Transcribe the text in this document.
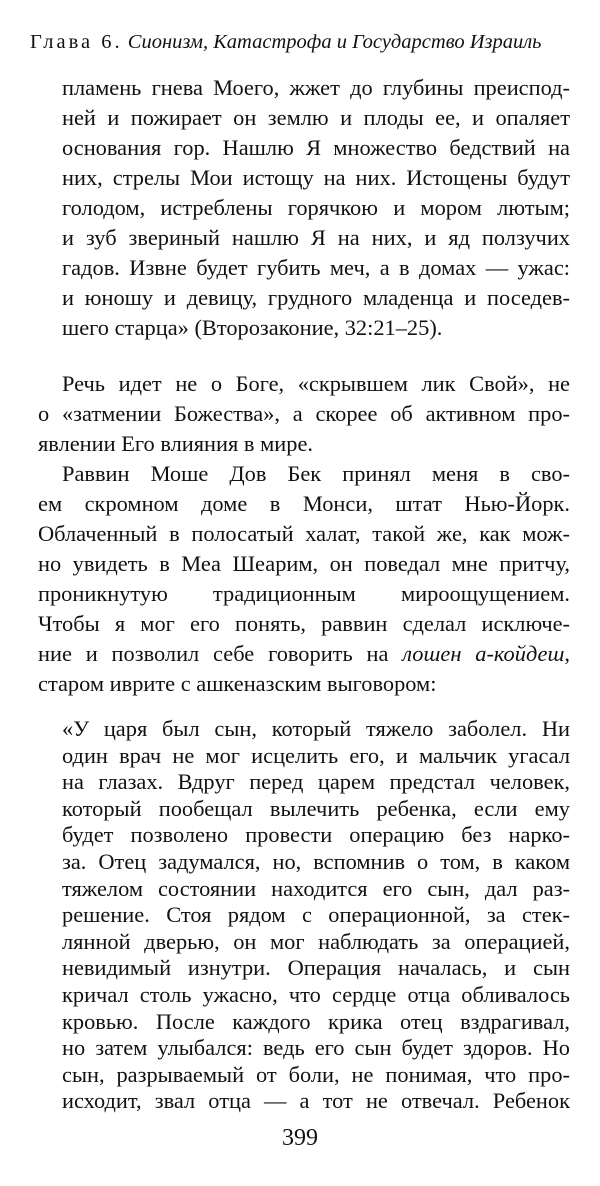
Глава 6. Сионизм, Катастрофа и Государство Израиль
пламень гнева Моего, жжет до глубины преиспод-
ней и пожирает он землю и плоды ее, и опаляет
основания гор. Нашлю Я множество бедствий на
них, стрелы Мои истощу на них. Истощены будут
голодом, истреблены горячкою и мором лютым;
и зуб звериный нашлю Я на них, и яд ползучих
гадов. Извне будет губить меч, а в домах — ужас:
и юношу и девицу, грудного младенца и поседев-
шего старца» (Второзаконие, 32:21–25).
Речь идет не о Боге, «скрывшем лик Свой», не
о «затмении Божества», а скорее об активном про-
явлении Его влияния в мире.
Раввин Моше Дов Бек принял меня в сво-
ем скромном доме в Монси, штат Нью-Йорк.
Облаченный в полосатый халат, такой же, как мож-
но увидеть в Меа Шеарим, он поведал мне притчу,
проникнутую традиционным мироощущением.
Чтобы я мог его понять, раввин сделал исключе-
ние и позволил себе говорить на лошен а-койдеш,
старом иврите с ашкеназским выговором:
«У царя был сын, который тяжело заболел. Ни
один врач не мог исцелить его, и мальчик угасал
на глазах. Вдруг перед царем предстал человек,
который пообещал вылечить ребенка, если ему
будет позволено провести операцию без нарко-
за. Отец задумался, но, вспомнив о том, в каком
тяжелом состоянии находится его сын, дал раз-
решение. Стоя рядом с операционной, за стек-
лянной дверью, он мог наблюдать за операцией,
невидимый изнутри. Операция началась, и сын
кричал столь ужасно, что сердце отца обливалось
кровью. После каждого крика отец вздрагивал,
но затем улыбался: ведь его сын будет здоров. Но
сын, разрываемый от боли, не понимая, что про-
исходит, звал отца — а тот не отвечал. Ребенок
399
